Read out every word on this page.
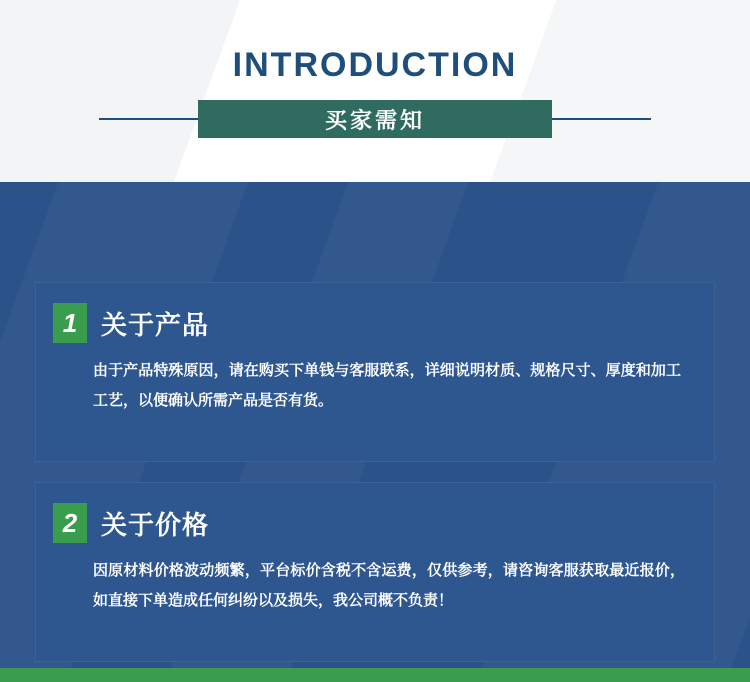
INTRODUCTION
买家需知
1 关于产品
由于产品特殊原因，请在购买下单钱与客服联系，详细说明材质、规格尺寸、厚度和加工工艺，以便确认所需产品是否有货。
2 关于价格
因原材料价格波动频繁，平台标价含税不含运费，仅供参考，请咨询客服获取最近报价，如直接下单造成任何纠纷以及损失，我公司概不负责！
